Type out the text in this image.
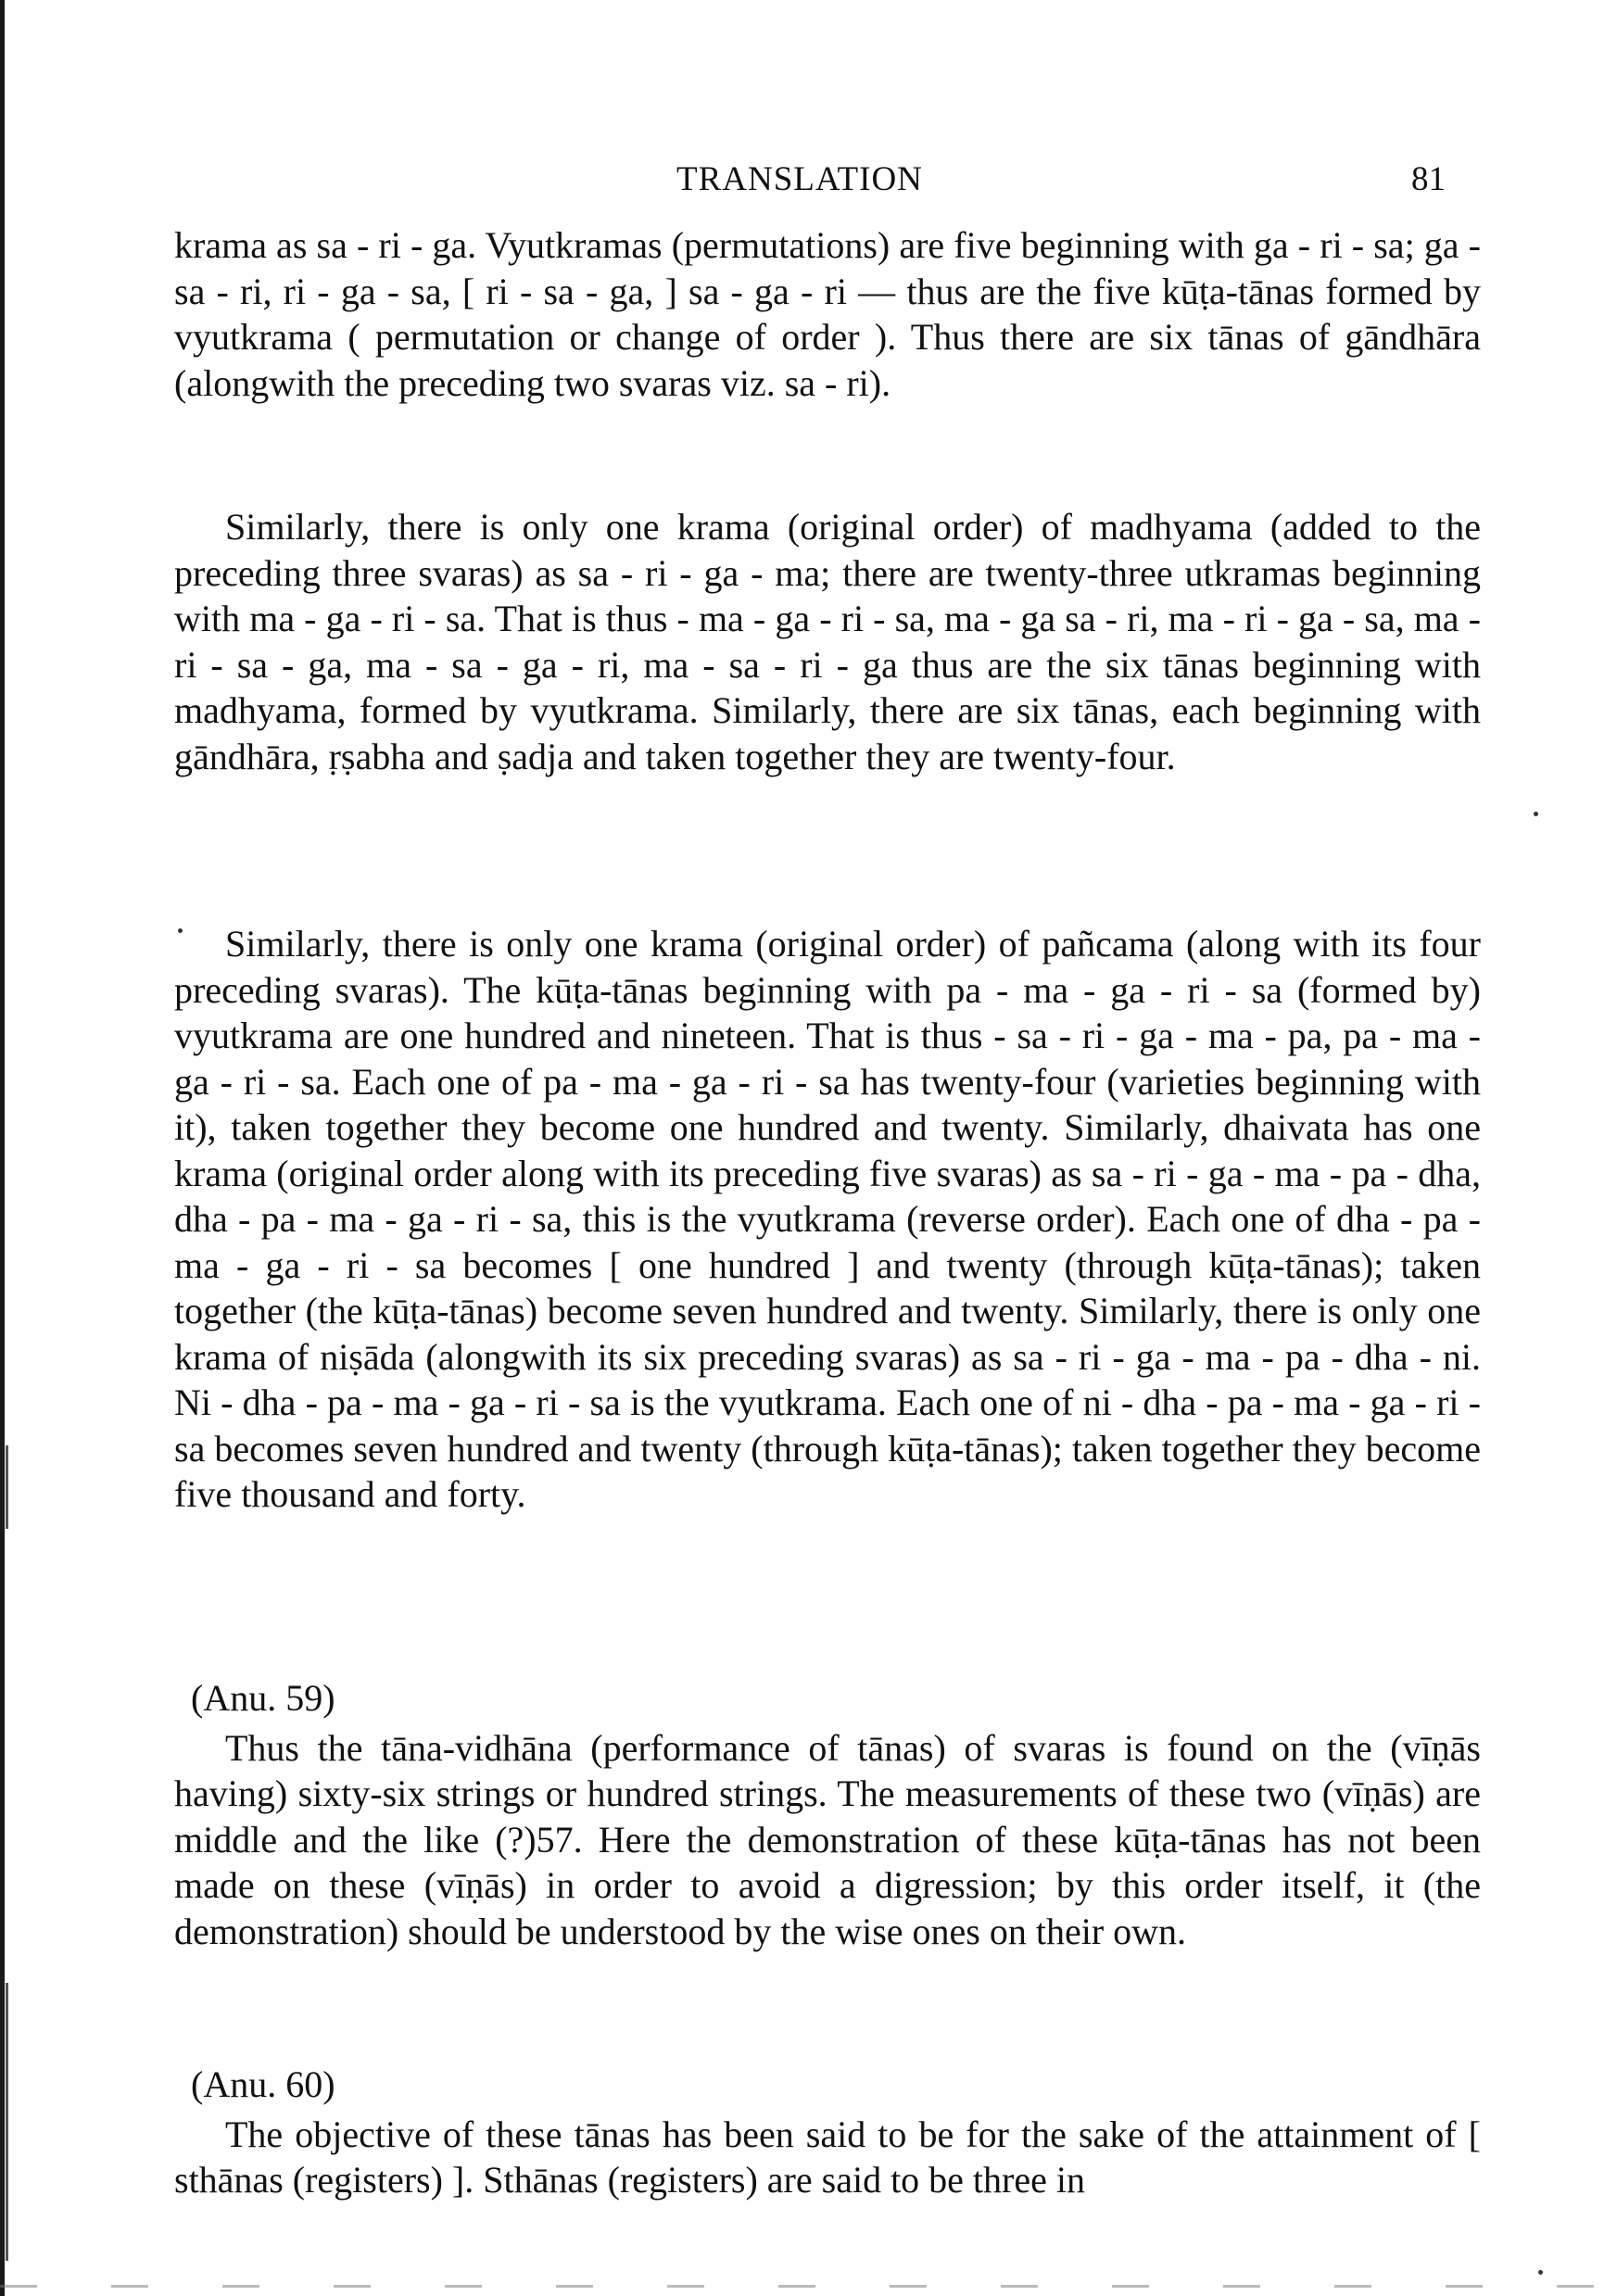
TRANSLATION	81

krama as sa - ri - ga. Vyutkramas (permutations) are five beginning with ga - ri - sa; ga - sa - ri, ri - ga - sa, [ ri - sa - ga, ] sa - ga - ri — thus are the five kūṭa-tānas formed by vyutkrama ( permutation or change of order ). Thus there are six tānas of gāndhāra (alongwith the preceding two svaras viz. sa - ri).

Similarly, there is only one krama (original order) of madhyama (added to the preceding three svaras) as sa - ri - ga - ma; there are twenty-three utkramas beginning with ma - ga - ri - sa. That is thus - ma - ga - ri - sa, ma - ga sa - ri, ma - ri - ga - sa, ma - ri - sa - ga, ma - sa - ga - ri, ma - sa - ri - ga thus are the six tānas beginning with madhyama, formed by vyutkrama. Similarly, there are six tānas, each beginning with gāndhāra, ṛṣabha and ṣadja and taken together they are twenty-four.

Similarly, there is only one krama (original order) of pañcama (along with its four preceding svaras). The kūṭa-tānas beginning with pa - ma - ga - ri - sa (formed by) vyutkrama are one hundred and nineteen. That is thus - sa - ri - ga - ma - pa, pa - ma - ga - ri - sa. Each one of pa - ma - ga - ri - sa has twenty-four (varieties beginning with it), taken together they become one hundred and twenty. Similarly, dhaivata has one krama (original order along with its preceding five svaras) as sa - ri - ga - ma - pa - dha, dha - pa - ma - ga - ri - sa, this is the vyutkrama (reverse order). Each one of dha - pa - ma - ga - ri - sa becomes [ one hundred ] and twenty (through kūṭa-tānas); taken together (the kūṭa-tānas) become seven hundred and twenty. Similarly, there is only one krama of niṣāda (alongwith its six preceding svaras) as sa - ri - ga - ma - pa - dha - ni. Ni - dha - pa - ma - ga - ri - sa is the vyutkrama. Each one of ni - dha - pa - ma - ga - ri - sa becomes seven hundred and twenty (through kūṭa-tānas); taken together they become five thousand and forty.

(Anu. 59)

Thus the tāna-vidhāna (performance of tānas) of svaras is found on the (vīṇās having) sixty-six strings or hundred strings. The measurements of these two (vīṇās) are middle and the like (?)57. Here the demonstration of these kūṭa-tānas has not been made on these (vīṇās) in order to avoid a digression; by this order itself, it (the demonstration) should be understood by the wise ones on their own.

(Anu. 60)

The objective of these tānas has been said to be for the sake of the attainment of [ sthānas (registers) ]. Sthānas (registers) are said to be three in
